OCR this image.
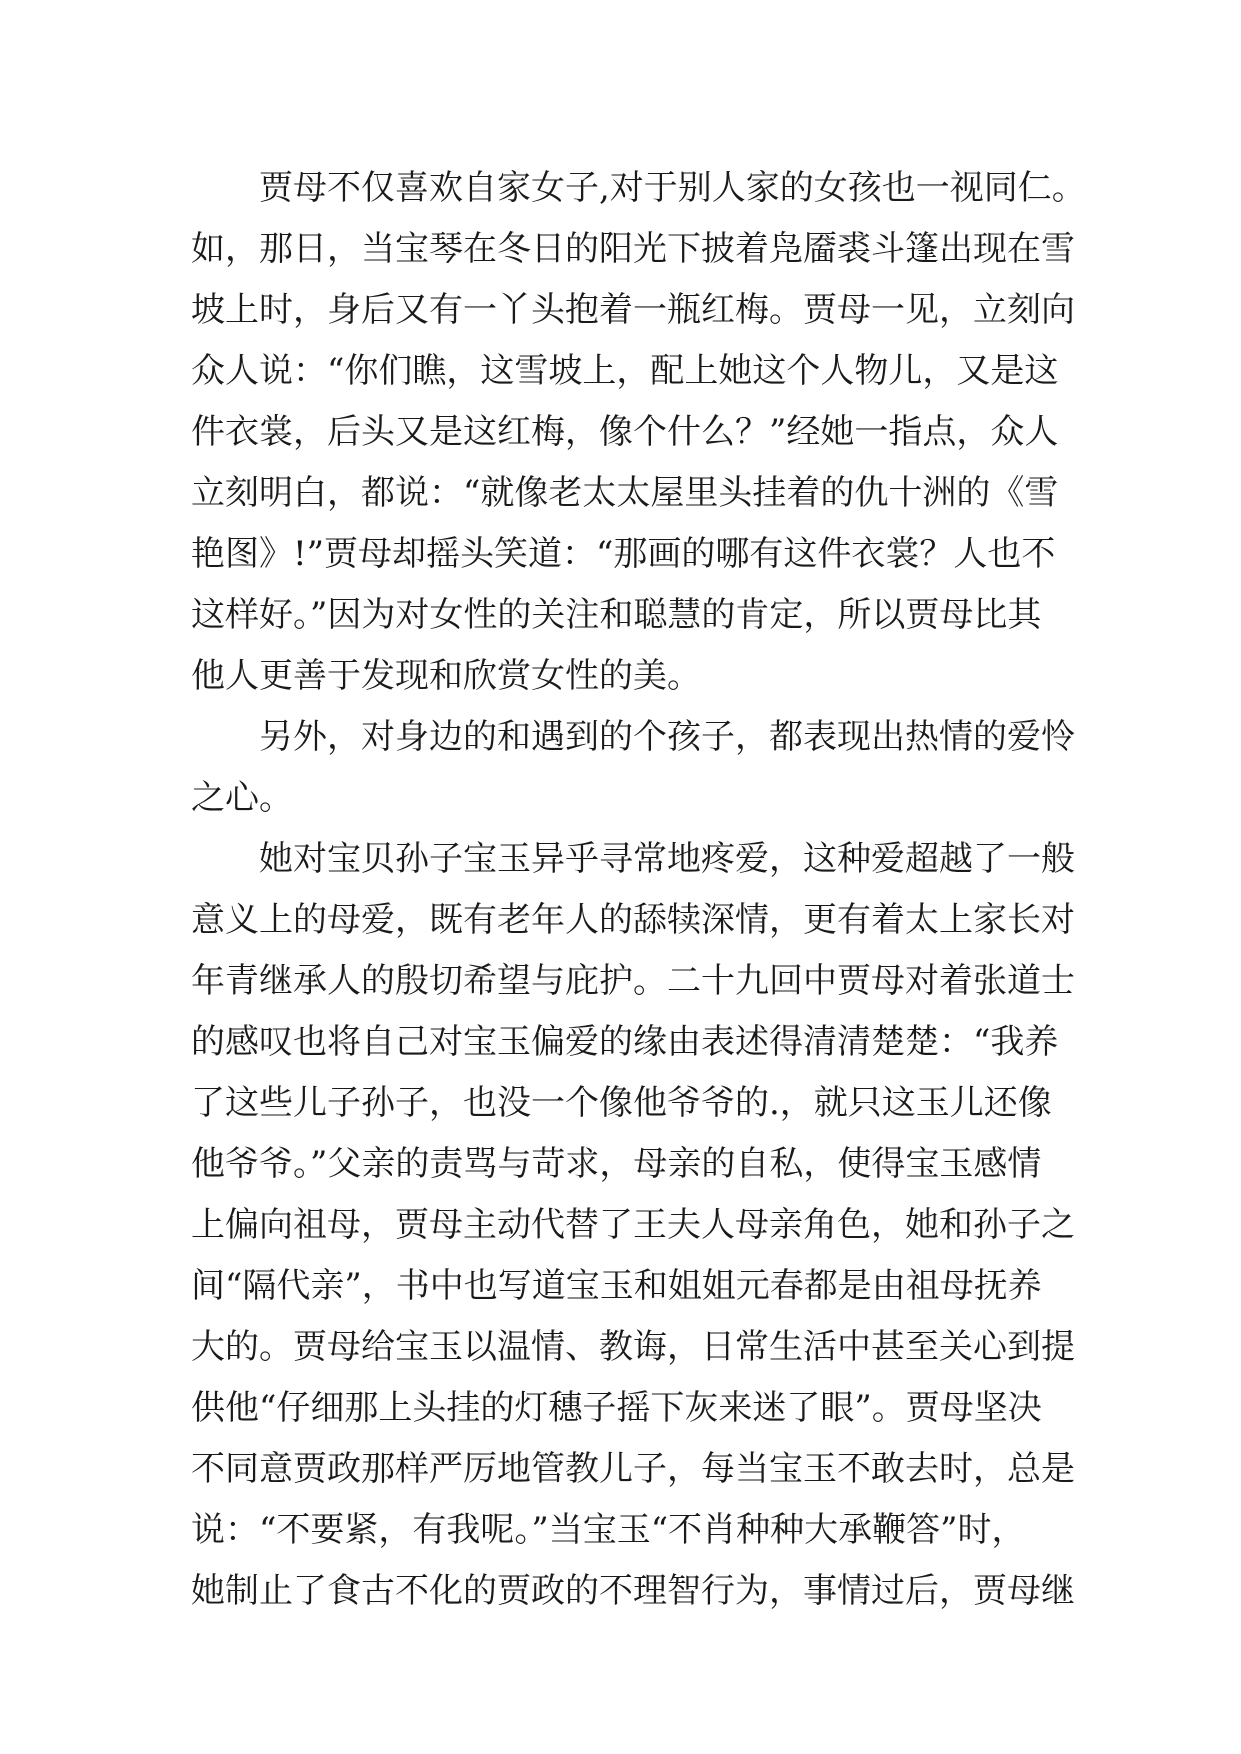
　　贾母不仅喜欢自家女子,对于别人家的女孩也一视同仁。
如，那日，当宝琴在冬日的阳光下披着凫靥裘斗篷出现在雪
坡上时，身后又有一丫头抱着一瓶红梅。贾母一见，立刻向
众人说：“你们瞧，这雪坡上，配上她这个人物儿，又是这
件衣裳，后头又是这红梅，像个什么？”经她一指点，众人
立刻明白，都说：“就像老太太屋里头挂着的仇十洲的《雪
艳图》!”贾母却摇头笑道：“那画的哪有这件衣裳？人也不
这样好。”因为对女性的关注和聪慧的肯定，所以贾母比其
他人更善于发现和欣赏女性的美。

　　另外，对身边的和遇到的个孩子，都表现出热情的爱怜
之心。

　　她对宝贝孙子宝玉异乎寻常地疼爱，这种爱超越了一般
意义上的母爱，既有老年人的舔犊深情，更有着太上家长对
年青继承人的殷切希望与庇护。二十九回中贾母对着张道士
的感叹也将自己对宝玉偏爱的缘由表述得清清楚楚：“我养
了这些儿子孙子，也没一个像他爷爷的.，就只这玉儿还像
他爷爷。”父亲的责骂与苛求，母亲的自私，使得宝玉感情
上偏向祖母，贾母主动代替了王夫人母亲角色，她和孙子之
间“隔代亲”，书中也写道宝玉和姐姐元春都是由祖母抚养
大的。贾母给宝玉以温情、教诲，日常生活中甚至关心到提
供他“仔细那上头挂的灯穗子摇下灰来迷了眼”。贾母坚决
不同意贾政那样严厉地管教儿子，每当宝玉不敢去时，总是
说：“不要紧，有我呢。”当宝玉“不肖种种大承鞭答”时，
她制止了食古不化的贾政的不理智行为，事情过后，贾母继
